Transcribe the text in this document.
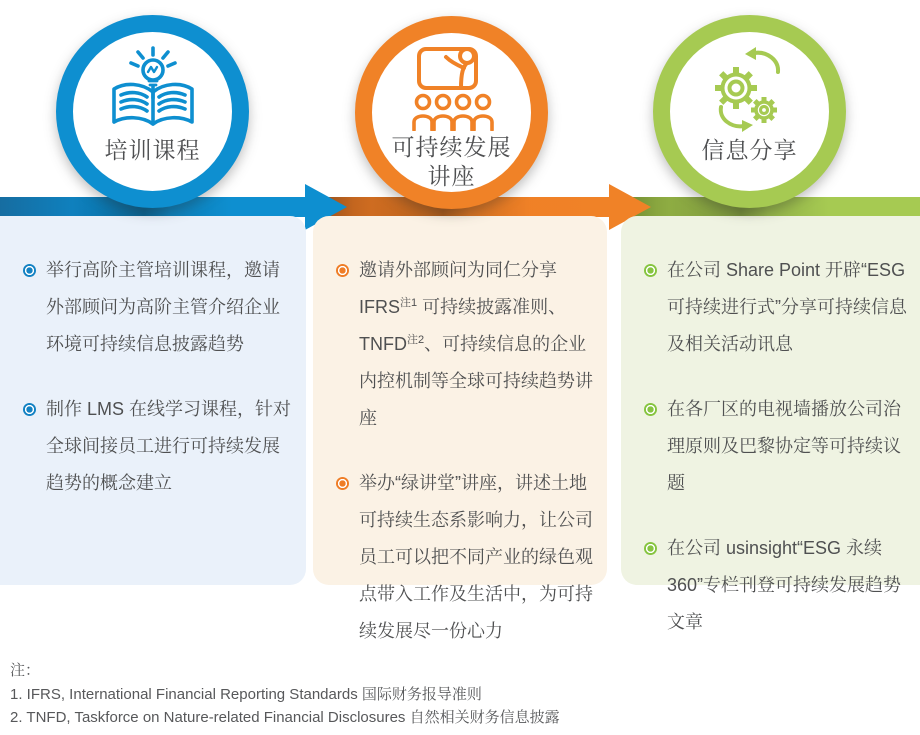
举行高阶主管培训课程，邀请外部顾问为高阶主管介绍企业环境可持续信息披露趋势

制作 LMS 在线学习课程，针对全球间接员工进行可持续发展趋势的概念建立

邀请外部顾问为同仁分享 IFRS$^{注1}$ 可持续披露准则、TNFD$^{注2}$、可持续信息的企业内控机制等全球可持续趋势讲座

举办“绿讲堂”讲座，讲述土地可持续生态系影响力，让公司员工可以把不同产业的绿色观点带入工作及生活中，为可持续发展尽一份心力

在公司 Share Point 开辟“ESG 可持续进行式”分享可持续信息及相关活动讯息

在各厂区的电视墙播放公司治理原则及巴黎协定等可持续议题

在公司 usinsight“ESG 永续 360”专栏刊登可持续发展趋势文章

培训课程	可持续发展
讲座
信息分享
注：
1. IFRS, International Financial Reporting Standards 国际财务报导准则
2. TNFD, Taskforce on Nature-related Financial Disclosures 自然相关财务信息披露
